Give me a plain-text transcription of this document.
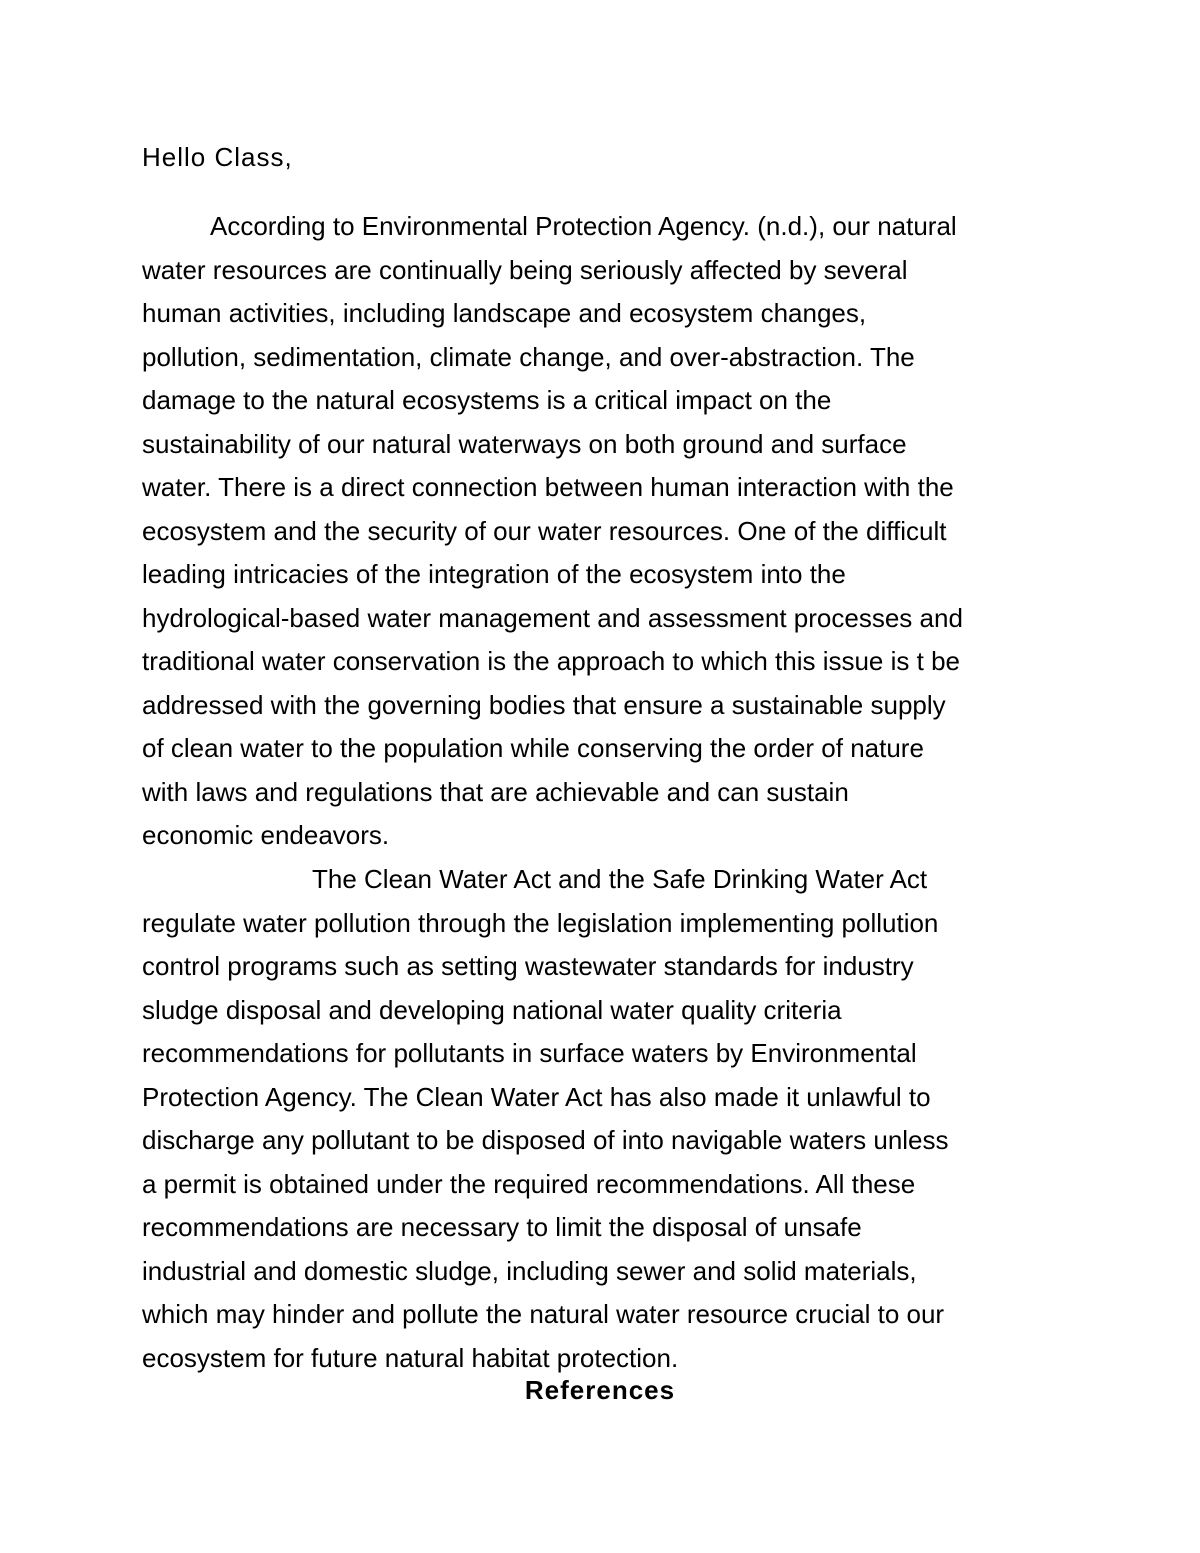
Hello Class,
According to Environmental Protection Agency. (n.d.), our natural
water resources are continually being seriously affected by several
human activities, including landscape and ecosystem changes,
pollution, sedimentation, climate change, and over-abstraction. The
damage to the natural ecosystems is a critical impact on the
sustainability of our natural waterways on both ground and surface
water. There is a direct connection between human interaction with the
ecosystem and the security of our water resources. One of the difficult
leading intricacies of the integration of the ecosystem into the
hydrological-based water management and assessment processes and
traditional water conservation is the approach to which this issue is t be
addressed with the governing bodies that ensure a sustainable supply
of clean water to the population while conserving the order of nature
with laws and regulations that are achievable and can sustain
economic endeavors.
The Clean Water Act and the Safe Drinking Water Act
regulate water pollution through the legislation implementing pollution
control programs such as setting wastewater standards for industry
sludge disposal and developing national water quality criteria
recommendations for pollutants in surface waters by Environmental
Protection Agency. The Clean Water Act has also made it unlawful to
discharge any pollutant to be disposed of into navigable waters unless
a permit is obtained under the required recommendations. All these
recommendations are necessary to limit the disposal of unsafe
industrial and domestic sludge, including sewer and solid materials,
which may hinder and pollute the natural water resource crucial to our
ecosystem for future natural habitat protection.
References
